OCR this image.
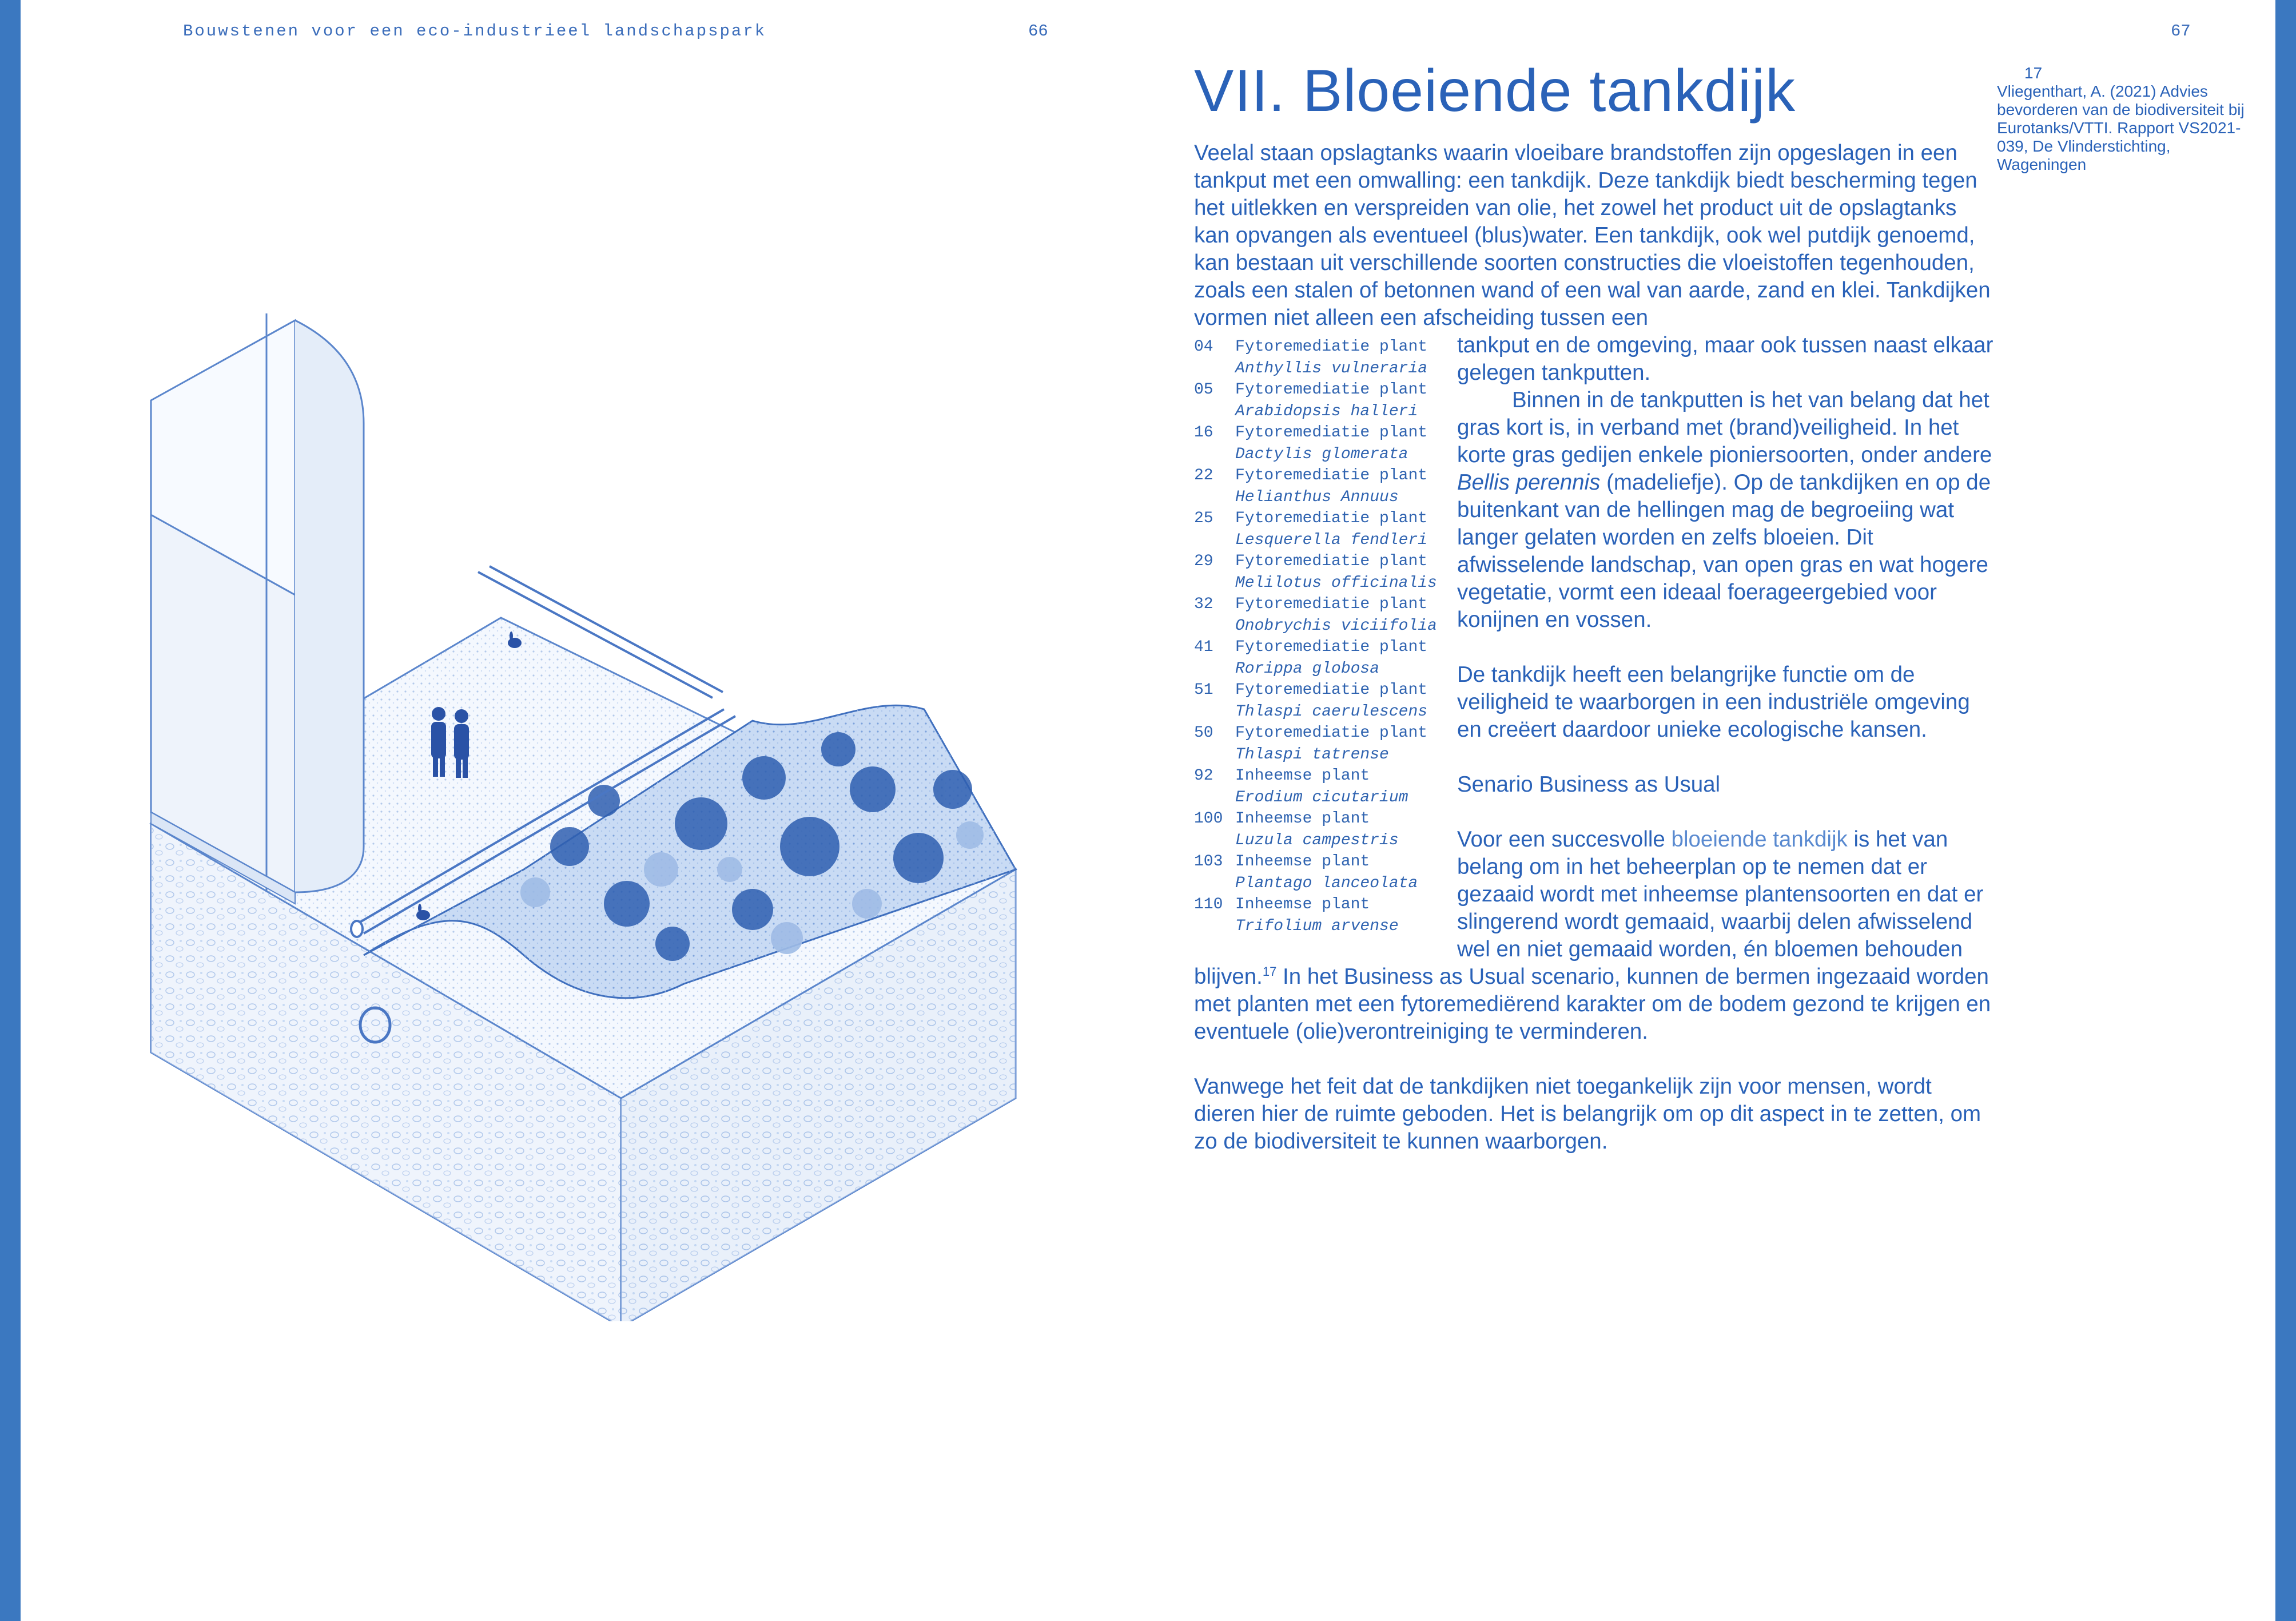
Bouwstenen voor een eco-industrieel landschapspark	66	67
VII. Bloeiende tankdijk

Veelal staan opslagtanks waarin vloeibare brandstoffen zijn opgeslagen in een tankput met een omwalling: een tankdijk. Deze tankdijk biedt bescherming tegen het uitlekken en verspreiden van olie, het zowel het product uit de opslagtanks kan opvangen als eventueel (blus)water. Een tankdijk, ook wel putdijk genoemd, kan bestaan uit verschillende soorten constructies die vloeistoffen tegenhouden, zoals een stalen of betonnen wand of een wal van aarde, zand en klei. Tankdijken vormen niet alleen een afscheiding tussen een

04 Fytoremediatie plant
Anthyllis vulneraria
05 Fytoremediatie plant
Arabidopsis halleri
16 Fytoremediatie plant
Dactylis glomerata
22 Fytoremediatie plant
Helianthus Annuus
25 Fytoremediatie plant
Lesquerella fendleri
29 Fytoremediatie plant
Melilotus officinalis
32 Fytoremediatie plant
Onobrychis viciifolia
41 Fytoremediatie plant
Rorippa globosa
51 Fytoremediatie plant
Thlaspi caerulescens
50 Fytoremediatie plant
Thlaspi tatrense
92 Inheemse plant
Erodium cicutarium
100 Inheemse plant
Luzula campestris
103 Inheemse plant
Plantago lanceolata
110 Inheemse plant
Trifolium arvense

tankput en de omgeving, maar ook tussen naast elkaar gelegen tankputten.

Binnen in de tankputten is het van belang dat het gras kort is, in verband met (brand)veiligheid. In het korte gras gedijen enkele pioniersoorten, onder andere Bellis perennis (madeliefje). Op de tankdijken en op de buitenkant van de hellingen mag de begroeiing wat langer gelaten worden en zelfs bloeien. Dit afwisselende landschap, van open gras en wat hogere vegetatie, vormt een ideaal foerageergebied voor konijnen en vossen.

De tankdijk heeft een belangrijke functie om de veiligheid te waarborgen in een industriële omgeving en creëert daardoor unieke ecologische kansen.

Senario Business as Usual

Voor een succesvolle bloeiende tankdijk is het van belang om in het beheerplan op te nemen dat er gezaaid wordt met inheemse plantensoorten en dat er slingerend wordt gemaaid, waarbij delen afwisselend wel en niet gemaaid worden, én bloemen behouden blijven.$^{17}$ In het Business as Usual scenario, kunnen de bermen ingezaaid worden met planten met een fytoremediërend karakter om de bodem gezond te krijgen en eventuele (olie)verontreiniging te verminderen.

Vanwege het feit dat de tankdijken niet toegankelijk zijn voor mensen, wordt dieren hier de ruimte geboden. Het is belangrijk om op dit aspect in te zetten, om zo de biodiversiteit te kunnen waarborgen.

17
Vliegenthart, A. (2021) Advies bevorderen van de biodiversiteit bij Eurotanks/VTTI. Rapport VS2021-039, De Vlinderstichting, Wageningen
